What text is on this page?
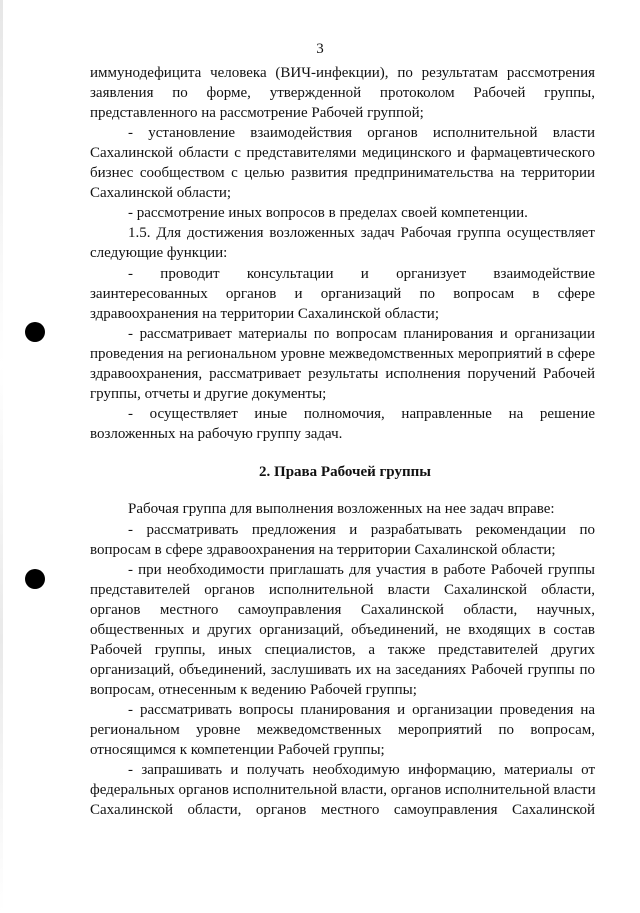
3
иммунодефицита человека (ВИЧ-инфекции), по результатам рассмотрения
заявления по форме, утвержденной протоколом Рабочей группы,
представленного на рассмотрение Рабочей группой;
- установление взаимодействия органов исполнительной власти
Сахалинской области с представителями медицинского и фармацевтического
бизнес сообществом с целью развития предпринимательства на территории
Сахалинской области;
- рассмотрение иных вопросов в пределах своей компетенции.
1.5. Для достижения возложенных задач Рабочая группа осуществляет
следующие функции:
- проводит консультации и организует взаимодействие
заинтересованных органов и организаций по вопросам в сфере
здравоохранения на территории Сахалинской области;
- рассматривает материалы по вопросам планирования и организации
проведения на региональном уровне межведомственных мероприятий в сфере
здравоохранения, рассматривает результаты исполнения поручений Рабочей
группы, отчеты и другие документы;
- осуществляет иные полномочия, направленные на решение
возложенных на рабочую группу задач.
2. Права Рабочей группы
Рабочая группа для выполнения возложенных на нее задач вправе:
- рассматривать предложения и разрабатывать рекомендации по
вопросам в сфере здравоохранения на территории Сахалинской области;
- при необходимости приглашать для участия в работе Рабочей группы
представителей органов исполнительной власти Сахалинской области,
органов местного самоуправления Сахалинской области, научных,
общественных и других организаций, объединений, не входящих в состав
Рабочей группы, иных специалистов, а также представителей других
организаций, объединений, заслушивать их на заседаниях Рабочей группы по
вопросам, отнесенным к ведению Рабочей группы;
- рассматривать вопросы планирования и организации проведения на
региональном уровне межведомственных мероприятий по вопросам,
относящимся к компетенции Рабочей группы;
- запрашивать и получать необходимую информацию, материалы от
федеральных органов исполнительной власти, органов исполнительной власти
Сахалинской области, органов местного самоуправления Сахалинской
